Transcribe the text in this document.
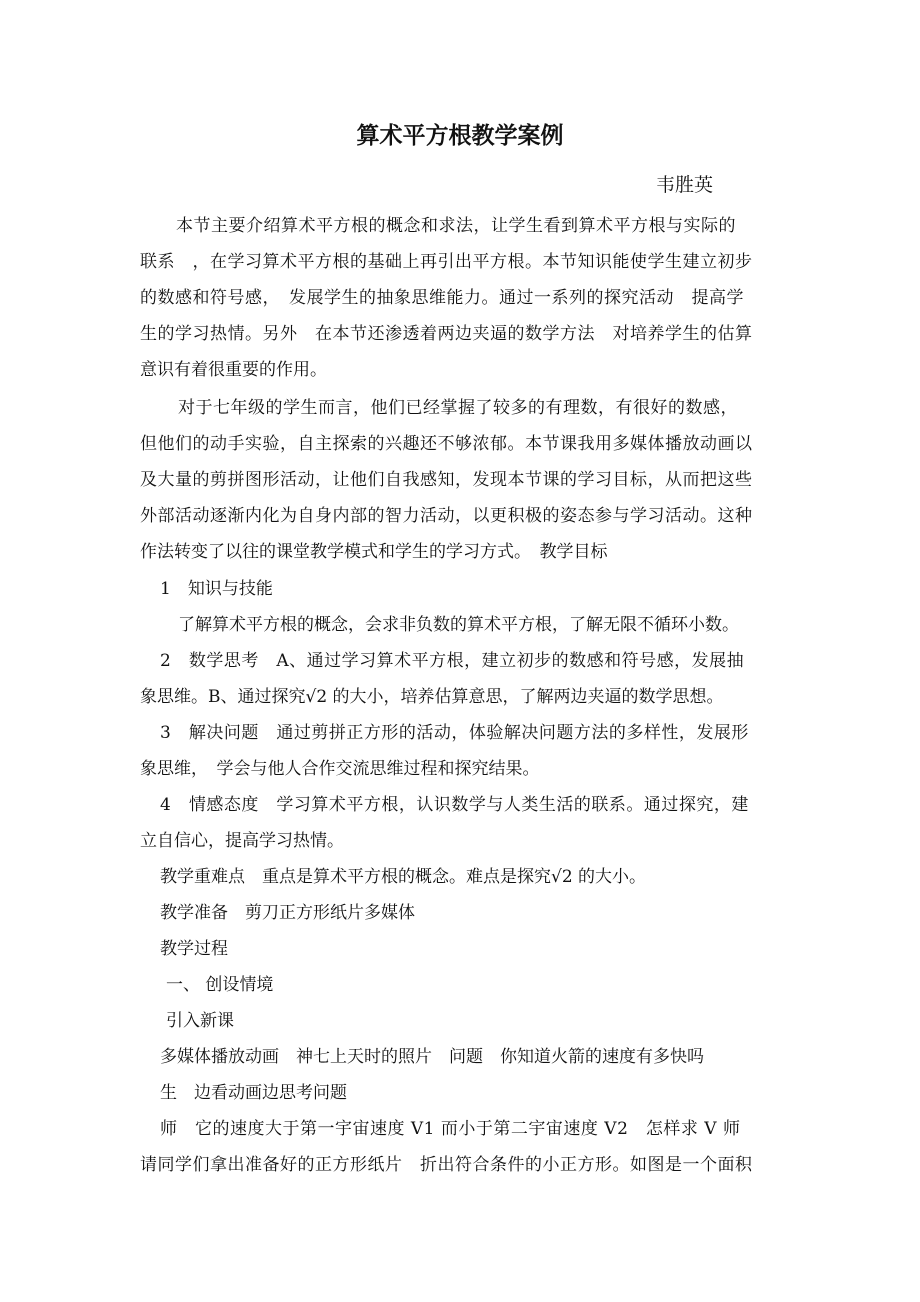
算术平方根教学案例
韦胜英
本节主要介绍算术平方根的概念和求法，让学生看到算术平方根与实际的
联系　，在学习算术平方根的基础上再引出平方根。本节知识能使学生建立初步
的数感和符号感，　发展学生的抽象思维能力。通过一系列的探究活动　提高学
生的学习热情。另外　在本节还渗透着两边夹逼的数学方法　对培养学生的估算
意识有着很重要的作用。
对于七年级的学生而言，他们已经掌握了较多的有理数，有很好的数感，
但他们的动手实验，自主探索的兴趣还不够浓郁。本节课我用多媒体播放动画以
及大量的剪拼图形活动，让他们自我感知，发现本节课的学习目标，从而把这些
外部活动逐渐内化为自身内部的智力活动，以更积极的姿态参与学习活动。这种
作法转变了以往的课堂教学模式和学生的学习方式。　教学目标
1　知识与技能
了解算术平方根的概念，会求非负数的算术平方根，了解无限不循环小数。
2　数学思考　A、通过学习算术平方根，建立初步的数感和符号感，发展抽
象思维。B、通过探究√2 的大小，培养估算意思，了解两边夹逼的数学思想。
3　解决问题　通过剪拼正方形的活动，体验解决问题方法的多样性，发展形
象思维，　学会与他人合作交流思维过程和探究结果。
4　情感态度　学习算术平方根，认识数学与人类生活的联系。通过探究，建
立自信心，提高学习热情。
教学重难点　重点是算术平方根的概念。难点是探究√2 的大小。
教学准备　剪刀正方形纸片多媒体
教学过程
一、 创设情境
引入新课
多媒体播放动画　神七上天时的照片　问题　你知道火箭的速度有多快吗
生　边看动画边思考问题
师　它的速度大于第一宇宙速度 V1 而小于第二宇宙速度 V2　怎样求 V 师
请同学们拿出准备好的正方形纸片　折出符合条件的小正方形。如图是一个面积
